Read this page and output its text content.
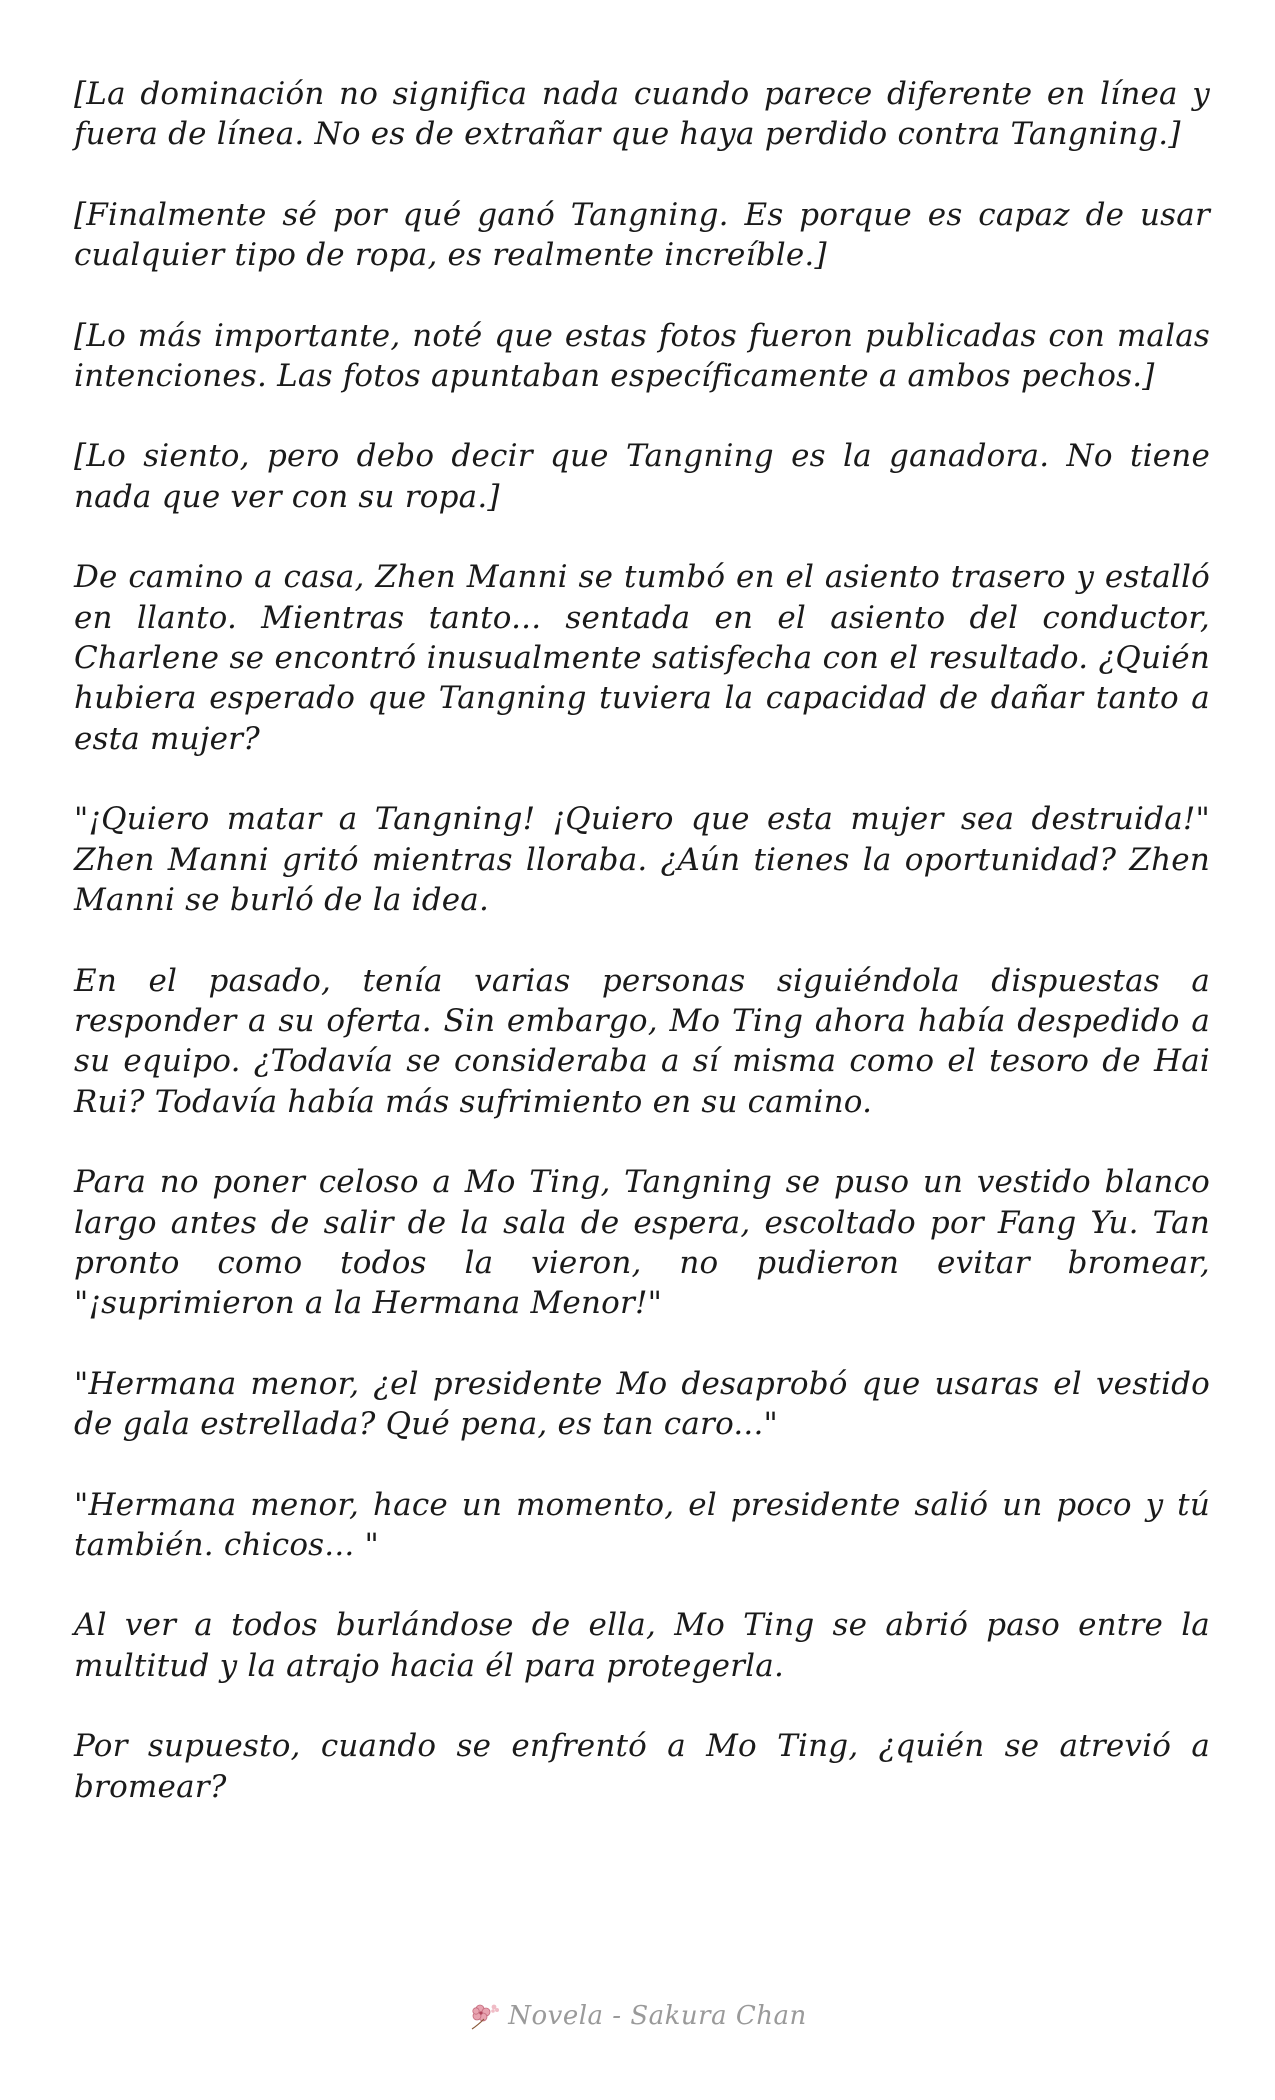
[La dominación no significa nada cuando parece diferente en línea y fuera de línea. No es de extrañar que haya perdido contra Tangning.]

[Finalmente sé por qué ganó Tangning. Es porque es capaz de usar cualquier tipo de ropa, es realmente increíble.]

[Lo más importante, noté que estas fotos fueron publicadas con malas intenciones. Las fotos apuntaban específicamente a ambos pechos.]

[Lo siento, pero debo decir que Tangning es la ganadora. No tiene nada que ver con su ropa.]

De camino a casa, Zhen Manni se tumbó en el asiento trasero y estalló en llanto. Mientras tanto... sentada en el asiento del conductor, Charlene se encontró inusualmente satisfecha con el resultado. ¿Quién hubiera esperado que Tangning tuviera la capacidad de dañar tanto a esta mujer?

"¡Quiero matar a Tangning! ¡Quiero que esta mujer sea destruida!" Zhen Manni gritó mientras lloraba. ¿Aún tienes la oportunidad? Zhen Manni se burló de la idea.

En el pasado, tenía varias personas siguiéndola dispuestas a responder a su oferta. Sin embargo, Mo Ting ahora había despedido a su equipo. ¿Todavía se consideraba a sí misma como el tesoro de Hai Rui? Todavía había más sufrimiento en su camino.

Para no poner celoso a Mo Ting, Tangning se puso un vestido blanco largo antes de salir de la sala de espera, escoltado por Fang Yu. Tan pronto como todos la vieron, no pudieron evitar bromear, "¡suprimieron a la Hermana Menor!"

"Hermana menor, ¿el presidente Mo desaprobó que usaras el vestido de gala estrellada? Qué pena, es tan caro..."

"Hermana menor, hace un momento, el presidente salió un poco y tú también. chicos... "

Al ver a todos burlándose de ella, Mo Ting se abrió paso entre la multitud y la atrajo hacia él para protegerla.

Por supuesto, cuando se enfrentó a Mo Ting, ¿quién se atrevió a bromear?

Novela - Sakura Chan
